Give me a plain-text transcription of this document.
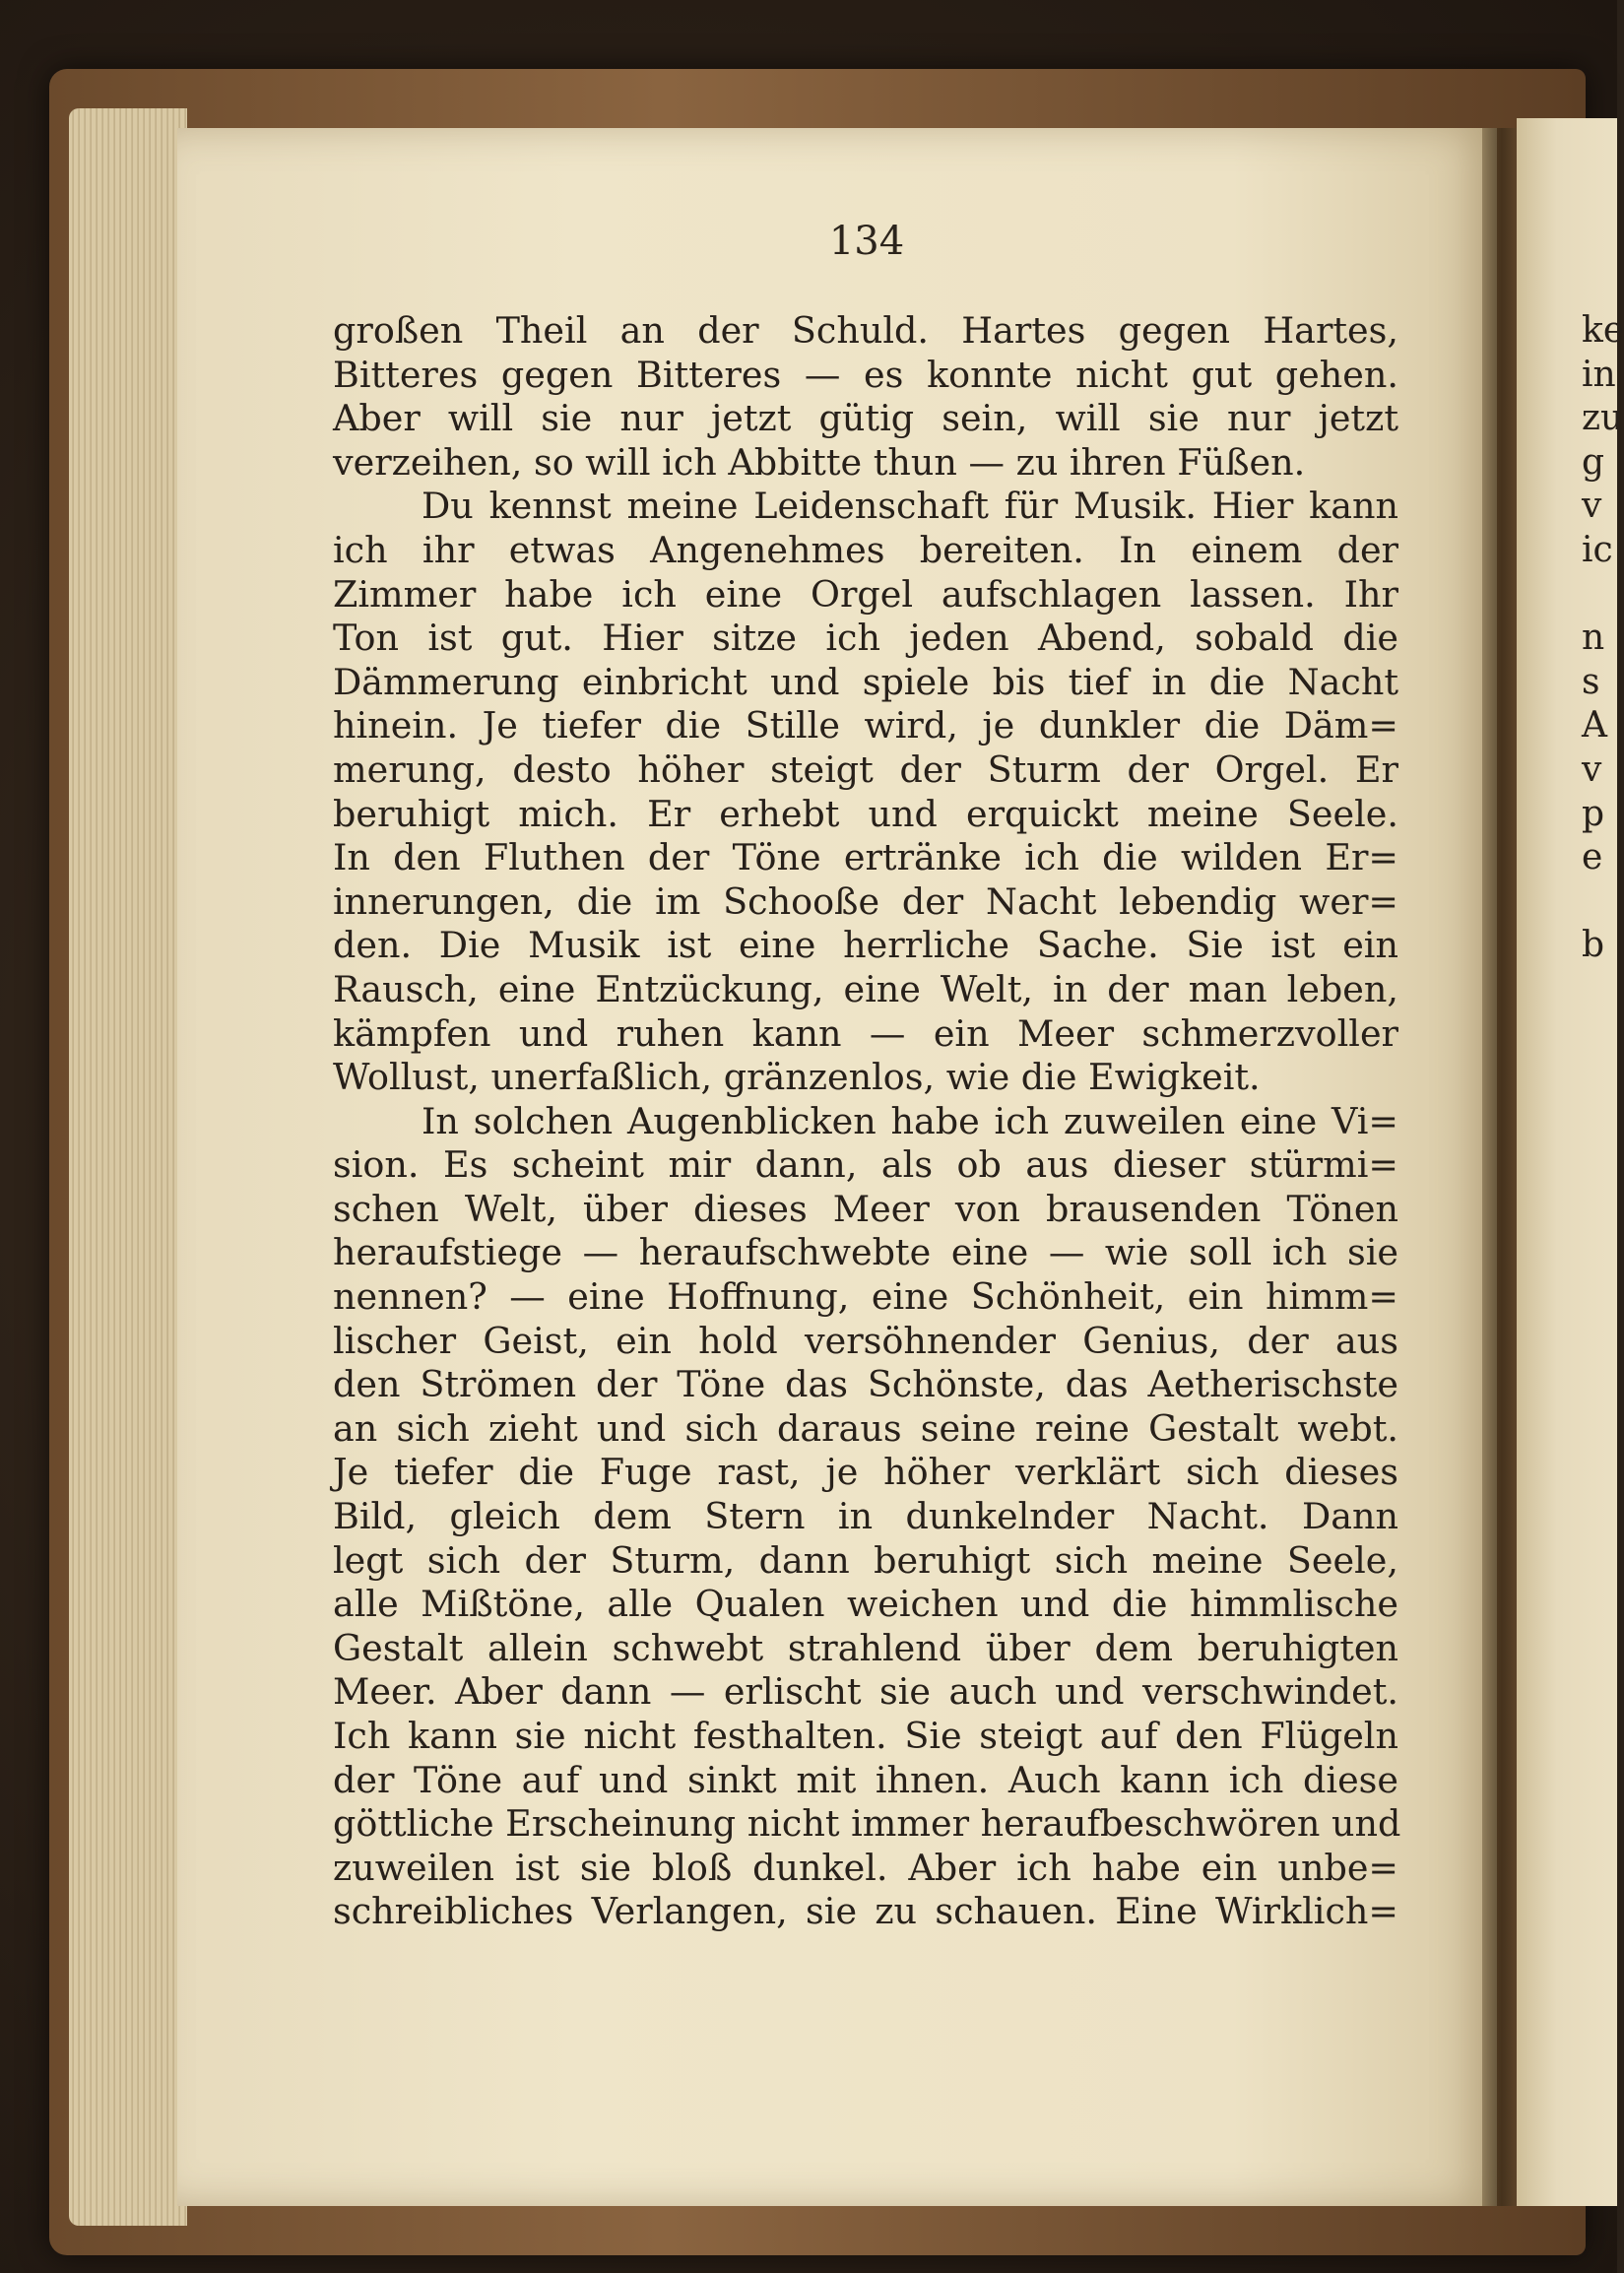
134
großen Theil an der Schuld. Hartes gegen Hartes,
Bitteres gegen Bitteres — es konnte nicht gut gehen.
Aber will sie nur jetzt gütig sein, will sie nur jetzt
verzeihen, so will ich Abbitte thun — zu ihren Füßen.
Du kennst meine Leidenschaft für Musik. Hier kann
ich ihr etwas Angenehmes bereiten. In einem der
Zimmer habe ich eine Orgel aufschlagen lassen. Ihr
Ton ist gut. Hier sitze ich jeden Abend, sobald die
Dämmerung einbricht und spiele bis tief in die Nacht
hinein. Je tiefer die Stille wird, je dunkler die Däm=
merung, desto höher steigt der Sturm der Orgel. Er
beruhigt mich. Er erhebt und erquickt meine Seele.
In den Fluthen der Töne ertränke ich die wilden Er=
innerungen, die im Schooße der Nacht lebendig wer=
den. Die Musik ist eine herrliche Sache. Sie ist ein
Rausch, eine Entzückung, eine Welt, in der man leben,
kämpfen und ruhen kann — ein Meer schmerzvoller
Wollust, unerfaßlich, gränzenlos, wie die Ewigkeit.
In solchen Augenblicken habe ich zuweilen eine Vi=
sion. Es scheint mir dann, als ob aus dieser stürmi=
schen Welt, über dieses Meer von brausenden Tönen
heraufstiege — heraufschwebte eine — wie soll ich sie
nennen? — eine Hoffnung, eine Schönheit, ein himm=
lischer Geist, ein hold versöhnender Genius, der aus
den Strömen der Töne das Schönste, das Aetherischste
an sich zieht und sich daraus seine reine Gestalt webt.
Je tiefer die Fuge rast, je höher verklärt sich dieses
Bild, gleich dem Stern in dunkelnder Nacht. Dann
legt sich der Sturm, dann beruhigt sich meine Seele,
alle Mißtöne, alle Qualen weichen und die himmlische
Gestalt allein schwebt strahlend über dem beruhigten
Meer. Aber dann — erlischt sie auch und verschwindet.
Ich kann sie nicht festhalten. Sie steigt auf den Flügeln
der Töne auf und sinkt mit ihnen. Auch kann ich diese
göttliche Erscheinung nicht immer heraufbeschwören und
zuweilen ist sie bloß dunkel. Aber ich habe ein unbe=
schreibliches Verlangen, sie zu schauen. Eine Wirklich=
ke
in
zu
g
v
ic
n
s
A
v
p
e
b
